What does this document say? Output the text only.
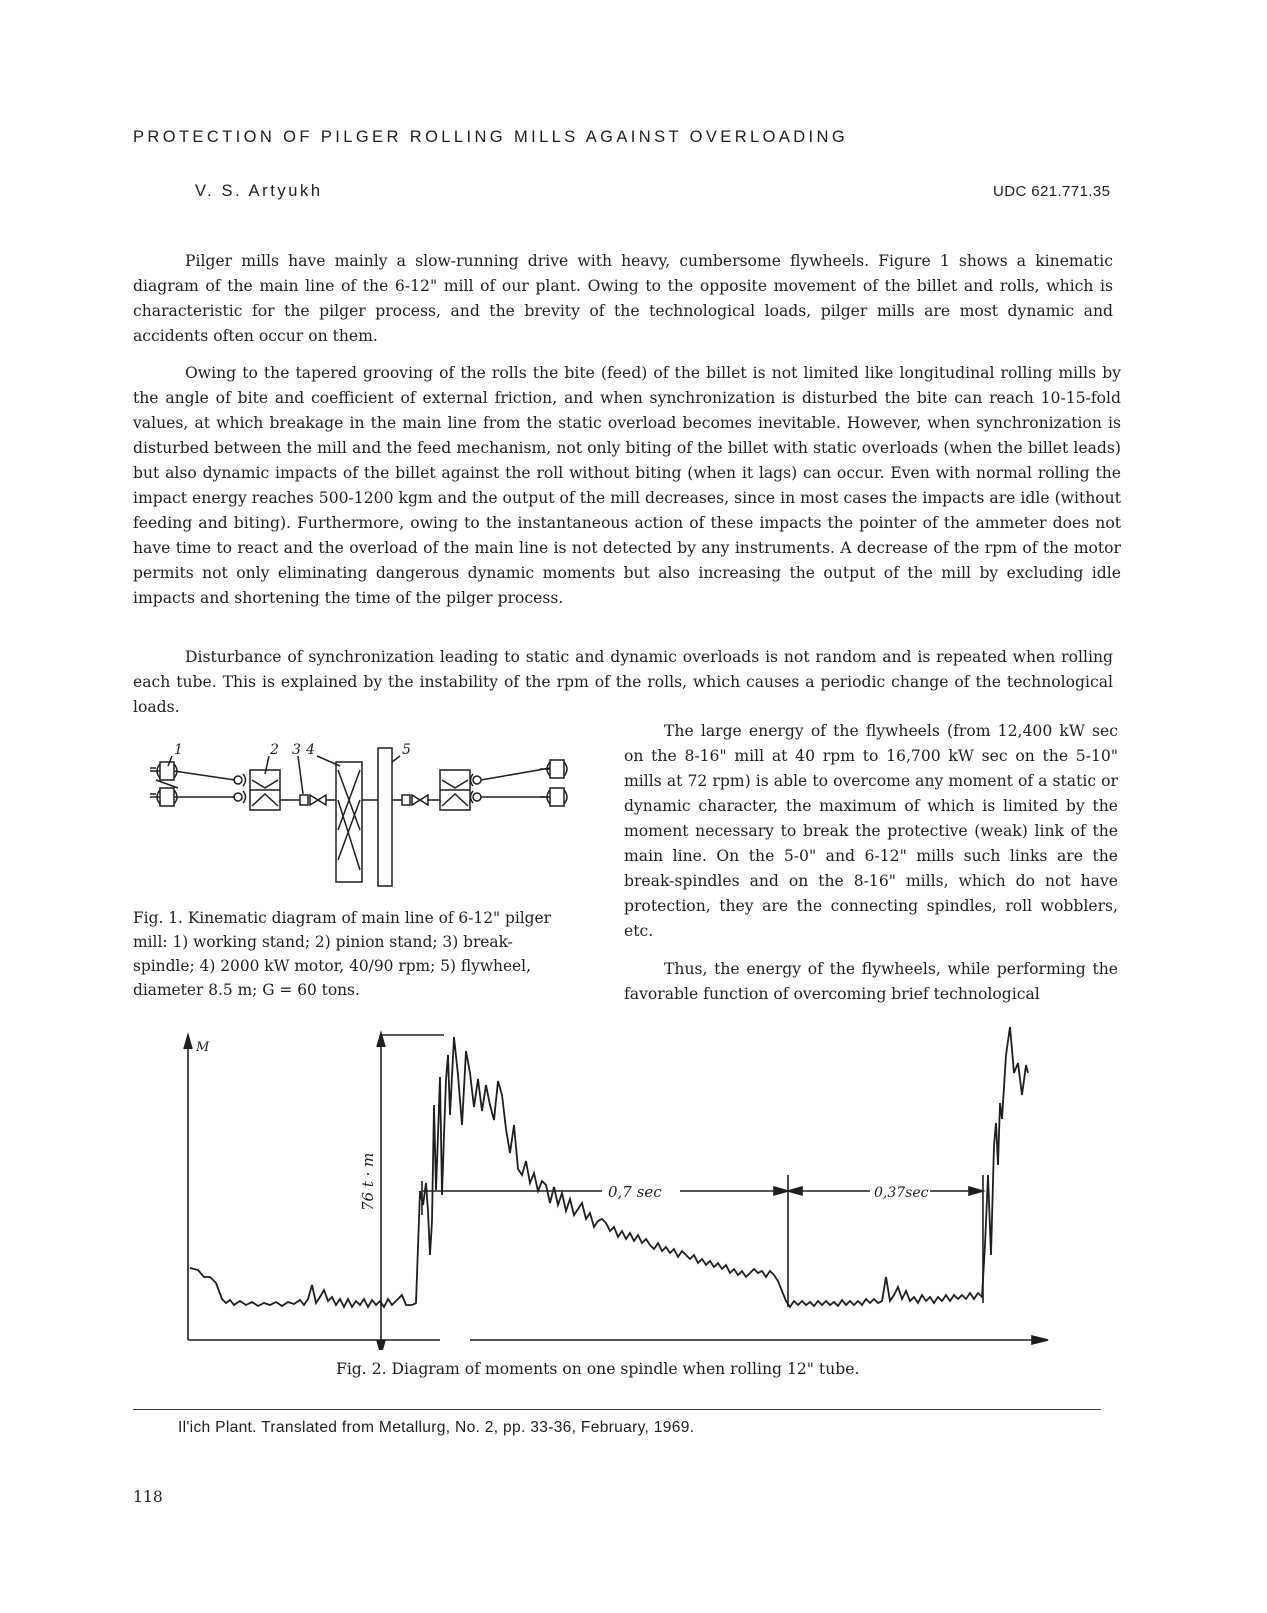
PROTECTION OF PILGER ROLLING MILLS AGAINST OVERLOADING
V. S. Artyukh	UDC 621.771.35

Pilger mills have mainly a slow-running drive with heavy, cumbersome flywheels. Figure 1 shows a kinematic diagram of the main line of the 6-12" mill of our plant. Owing to the opposite movement of the billet and rolls, which is characteristic for the pilger process, and the brevity of the technological loads, pilger mills are most dynamic and accidents often occur on them.

Owing to the tapered grooving of the rolls the bite (feed) of the billet is not limited like longitudinal rolling mills by the angle of bite and coefficient of external friction, and when synchronization is disturbed the bite can reach 10-15-fold values, at which breakage in the main line from the static overload becomes inevitable. However, when synchronization is disturbed between the mill and the feed mechanism, not only biting of the billet with static overloads (when the billet leads) but also dynamic impacts of the billet against the roll without biting (when it lags) can occur. Even with normal rolling the impact energy reaches 500-1200 kgm and the output of the mill decreases, since in most cases the impacts are idle (without feeding and biting). Furthermore, owing to the instantaneous action of these impacts the pointer of the ammeter does not have time to react and the overload of the main line is not detected by any instruments. A decrease of the rpm of the motor permits not only eliminating dangerous dynamic moments but also increasing the output of the mill by excluding idle impacts and shortening the time of the pilger process.

Disturbance of synchronization leading to static and dynamic overloads is not random and is repeated when rolling each tube. This is explained by the instability of the rpm of the rolls, which causes a periodic change of the technological loads.

The large energy of the flywheels (from 12,400 kW sec on the 8-16" mill at 40 rpm to 16,700 kW sec on the 5-10" mills at 72 rpm) is able to overcome any moment of a static or dynamic character, the maximum of which is limited by the moment necessary to break the protective (weak) link of the main line. On the 5-0" and 6-12" mills such links are the break-spindles and on the 8-16" mills, which do not have protection, they are the connecting spindles, roll wobblers, etc.

Thus, the energy of the flywheels, while performing the favorable function of overcoming brief technological

1	2 3 4	5
Fig. 1. Kinematic diagram of main line of 6-12" pilger mill: 1) working stand; 2) pinion stand; 3) break-spindle; 4) 2000 kW motor, 40/90 rpm; 5) flywheel, diameter 8.5 m; G = 60 tons.
M
76 t · m	0,7 sec	0,37sec
Fig. 2. Diagram of moments on one spindle when rolling 12" tube.
Il'ich Plant. Translated from Metallurg, No. 2, pp. 33-36, February, 1969.
118
